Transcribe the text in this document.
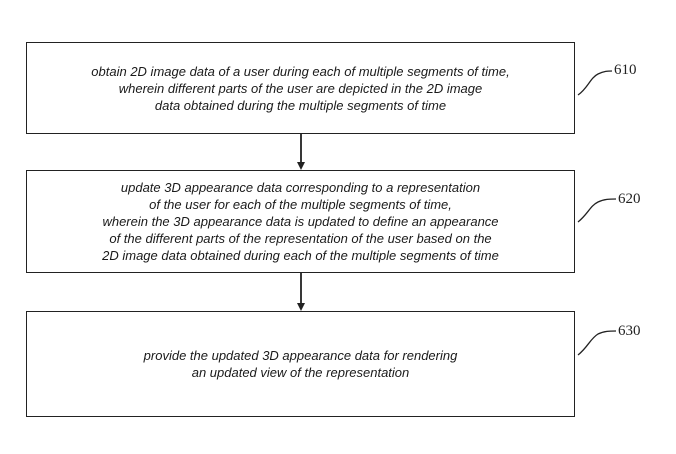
obtain 2D image data of a user during each of multiple segments of time,
wherein different parts of the user are depicted in the 2D image
data obtained during the multiple segments of time
update 3D appearance data corresponding to a representation
of the user for each of the multiple segments of time,
wherein the 3D appearance data is updated to define an appearance
of the different parts of the representation of the user based on the
2D image data obtained during each of the multiple segments of time
provide the updated 3D appearance data for rendering
an updated view of the representation
610
620
630
